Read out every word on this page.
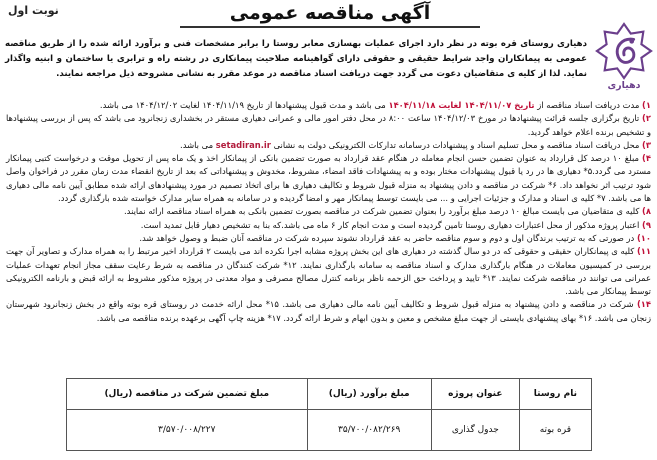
نوبت اول	آگهی مناقصه عمومی
دهیاری
دهیاری روستای قره بوته در نظر دارد اجرای عملیات بهسازی معابر روستا را برابر مشخصات فنی و برآورد ارائه شده را از طریق مناقصه عمومی به پیمانکاران واجد شرایط حقیقی و حقوقی دارای گواهینامه صلاحیت پیمانکاری در رشته راه و ترابری یا ساختمان و ابنیه واگذار نماید. لذا از کلیه ی متقاضیان دعوت می گردد جهت دریافت اسناد مناقصه در موعد مقرر به نشانی مشروحه ذیل مراجعه نمایند.

۱) مدت دریافت اسناد مناقصه از تاریخ ۱۴۰۴/۱۱/۰۷ لغایت ۱۴۰۴/۱۱/۱۸ می باشد و مدت قبول پیشنهادها از تاریخ ۱۴۰۴/۱۱/۱۹ لغایت ۱۴۰۴/۱۲/۰۲ می باشد.

۲) تاریخ برگزاری جلسه قرائت پیشنهادها در مورخ ۱۴۰۴/۱۲/۰۳ ساعت ۸:۰۰ در محل دفتر امور مالی و عمرانی دهیاری مستقر در بخشداری زنجانرود می باشد که پس از بررسی پیشنهادها و تشخیص برنده اعلام خواهد گردید.

۳) محل دریافت اسناد مناقصه و محل تسلیم اسناد و پیشنهادات درسامانه تدارکات الکترونیکی دولت به نشانی setadiran.ir می باشد.

۴) مبلغ ۱۰ درصد کل قرارداد به عنوان تضمین حسن انجام معامله در هنگام عقد قرارداد به صورت تضمین بانکی از پیمانکار اخذ و یک ماه پس از تحویل موقت و درخواست کتبی پیمانکار مسترد می گردد.۵* دهیاری ها در رد یا قبول پیشنهادات مختار بوده و به پیشنهادات فاقد امضاء، مشروط، مخدوش و پیشنهاداتی که بعد از تاریخ انقضاء مدت زمان مقرر در فراخوان واصل شود ترتیب اثر نخواهد داد. ۶* شرکت در مناقصه و دادن پیشنهاد به منزله قبول شروط و تکالیف دهیاری ها برای اتخاذ تصمیم در مورد پیشنهادهای ارائه شده مطابق آیین نامه مالی دهیاری ها می باشد. ۷* کلیه ی اسناد و مدارک و جزئیات اجرایی و ... می بایست توسط پیمانکار مهر و امضا گردیده و در سامانه به همراه سایر مدارک خواسته شده بارگذاری گردد.

۸) کلیه ی متقاضیان می بایست مبالغ ۱۰ درصد مبلغ برآورد را بعنوان تضمین شرکت در مناقصه بصورت تضمین بانکی به همراه اسناد مناقصه ارائه نمایند.

۹) اعتبار پروژه مذکور از محل اعتبارات دهیاری روستا تامین گردیده است و مدت انجام کار ۶ ماه می باشد.که بنا به تشخیص دهیار قابل تمدید است.

۱۰) در صورتی که به ترتیب برندگان اول و دوم و سوم مناقصه حاضر به عقد قرارداد نشوند سپرده شرکت در مناقصه آنان ضبط و وصول خواهد شد.

۱۱) کلیه ی پیمانکاران حقیقی و حقوقی که در دو سال گذشته در دهیاری های این بخش پروژه مشابه اجرا نکرده اند می بایست ۲ قرارداد اخیر مرتبط را به همراه مدارک و تصاویر آن جهت بررسی در کمیسیون معاملات در هنگام بارگذاری مدارک و اسناد مناقصه به سامانه بارگذاری نمایند. ۱۲* شرکت کنندگان در مناقصه به شرط رعایت سقف مجاز انجام تعهدات عملیات عمرانی می توانند در مناقصه شرکت نمایند. ۱۳* تایید و پرداخت حق الزحمه ناظر برنامه کنترل مصالح مصرفی و مواد معدنی در پروژه مذکور مشروط به ارائه قبض و بارنامه الکترونیکی توسط پیمانکار می باشد.

۱۴) شرکت در مناقصه و دادن پیشنهاد به منزله قبول شروط و تکالیف آیین نامه مالی دهیاری می باشد. ۱۵* محل ارائه خدمت در روستای قره بوته واقع در بخش زنجانرود شهرستان زنجان می باشد. ۱۶* بهای پیشنهادی بایستی از جهت مبلغ مشخص و معین و بدون ابهام و شرط ارائه گردد. ۱۷* هزینه چاپ آگهی برعهده برنده مناقصه می باشد.

نام روستا	عنوان پروژه	مبلغ برآورد (ریال)	مبلغ تضمین شرکت در مناقصه (ریال)
قره بوته	جدول گذاری	۳۵/۷۰۰/۰۸۲/۲۶۹	۳/۵۷۰/۰۰۸/۲۲۷
